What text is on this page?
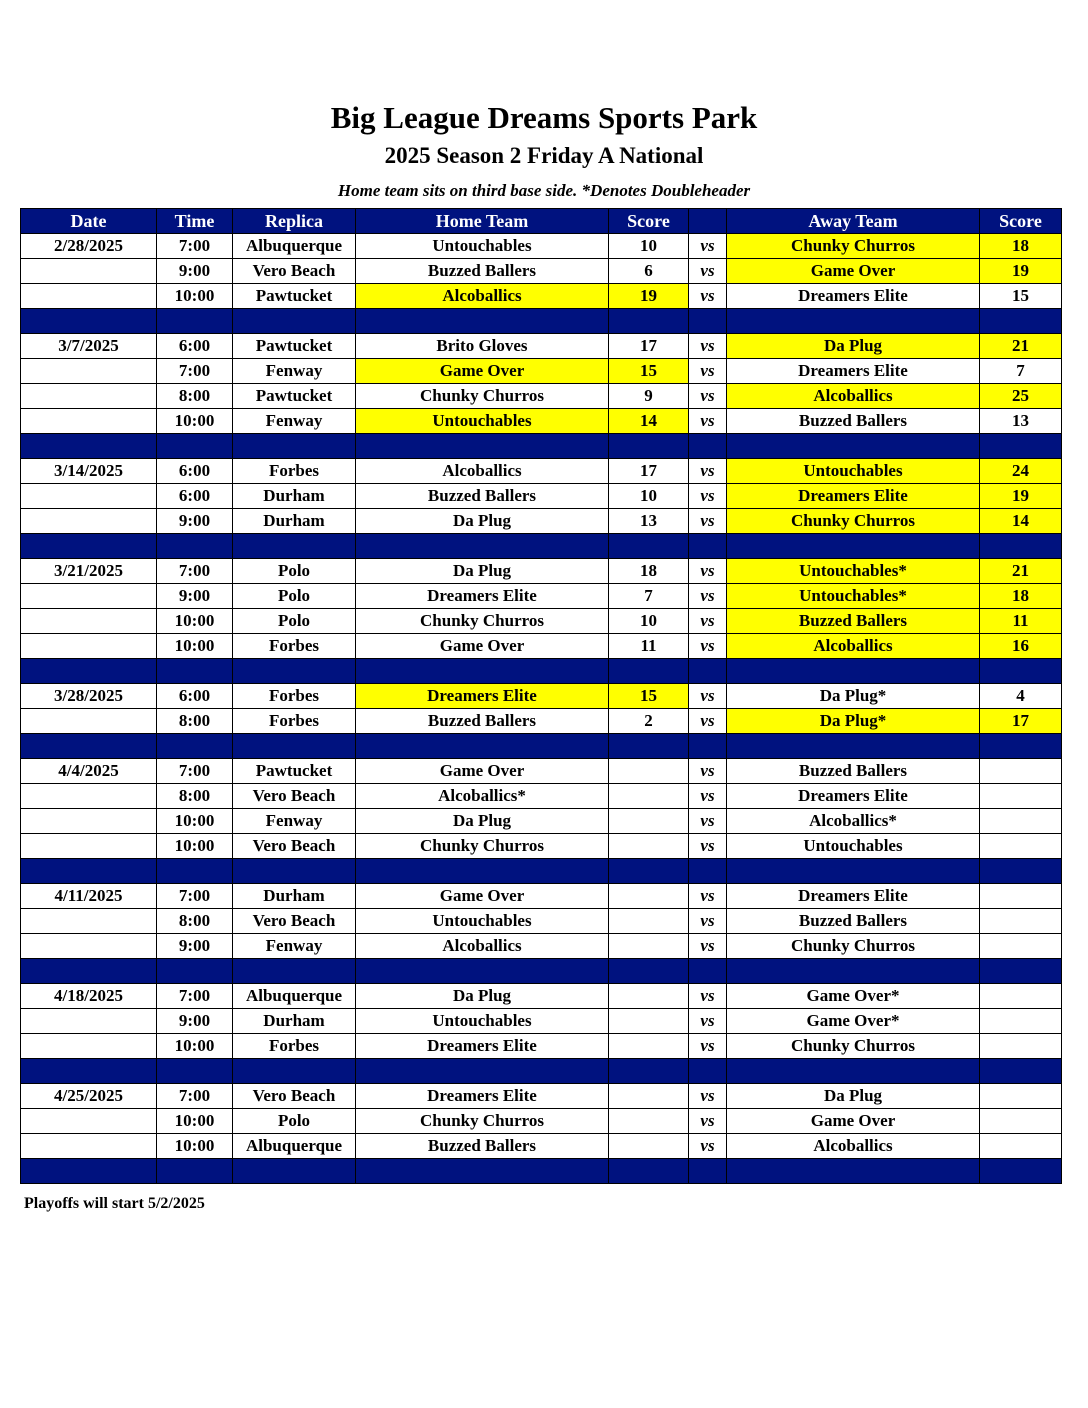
Big League Dreams Sports Park
2025 Season 2 Friday A National
Home team sits on third base side. *Denotes Doubleheader
Date	Time	Replica	Home Team	Score		Away Team	Score
2/28/2025	7:00	Albuquerque	Untouchables	10	vs	Chunky Churros	18
	9:00	Vero Beach	Buzzed Ballers	6	vs	Game Over	19
	10:00	Pawtucket	Alcoballics	19	vs	Dreamers Elite	15

3/7/2025	6:00	Pawtucket	Brito Gloves	17	vs	Da Plug	21
	7:00	Fenway	Game Over	15	vs	Dreamers Elite	7
	8:00	Pawtucket	Chunky Churros	9	vs	Alcoballics	25
	10:00	Fenway	Untouchables	14	vs	Buzzed Ballers	13

3/14/2025	6:00	Forbes	Alcoballics	17	vs	Untouchables	24
	6:00	Durham	Buzzed Ballers	10	vs	Dreamers Elite	19
	9:00	Durham	Da Plug	13	vs	Chunky Churros	14

3/21/2025	7:00	Polo	Da Plug	18	vs	Untouchables*	21
	9:00	Polo	Dreamers Elite	7	vs	Untouchables*	18
	10:00	Polo	Chunky Churros	10	vs	Buzzed Ballers	11
	10:00	Forbes	Game Over	11	vs	Alcoballics	16

3/28/2025	6:00	Forbes	Dreamers Elite	15	vs	Da Plug*	4
	8:00	Forbes	Buzzed Ballers	2	vs	Da Plug*	17

4/4/2025	7:00	Pawtucket	Game Over		vs	Buzzed Ballers	
	8:00	Vero Beach	Alcoballics*		vs	Dreamers Elite	
	10:00	Fenway	Da Plug		vs	Alcoballics*	
	10:00	Vero Beach	Chunky Churros		vs	Untouchables	

4/11/2025	7:00	Durham	Game Over		vs	Dreamers Elite	
	8:00	Vero Beach	Untouchables		vs	Buzzed Ballers	
	9:00	Fenway	Alcoballics		vs	Chunky Churros	

4/18/2025	7:00	Albuquerque	Da Plug		vs	Game Over*	
	9:00	Durham	Untouchables		vs	Game Over*	
	10:00	Forbes	Dreamers Elite		vs	Chunky Churros	

4/25/2025	7:00	Vero Beach	Dreamers Elite		vs	Da Plug	
	10:00	Polo	Chunky Churros		vs	Game Over	
	10:00	Albuquerque	Buzzed Ballers		vs	Alcoballics	

Playoffs will start 5/2/2025
